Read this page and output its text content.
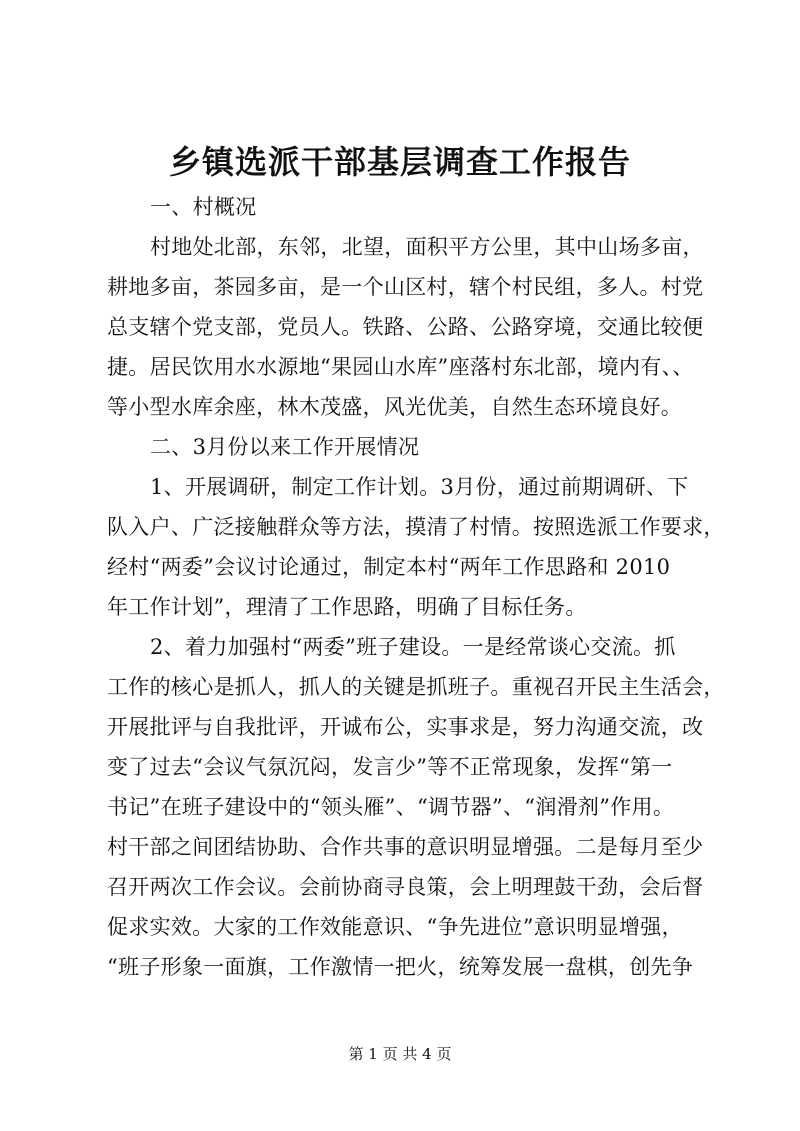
乡镇选派干部基层调查工作报告
一、村概况
村地处北部，东邻，北望，面积平方公里，其中山场多亩，
耕地多亩，茶园多亩，是一个山区村，辖个村民组，多人。村党
总支辖个党支部，党员人。铁路、公路、公路穿境，交通比较便
捷。居民饮用水水源地“果园山水库”座落村东北部，境内有、、
等小型水库余座，林木茂盛，风光优美，自然生态环境良好。
二、3月份以来工作开展情况
1、开展调研，制定工作计划。3月份，通过前期调研、下
队入户、广泛接触群众等方法，摸清了村情。按照选派工作要求，
经村“两委”会议讨论通过，制定本村“两年工作思路和 2010
年工作计划”，理清了工作思路，明确了目标任务。
2、着力加强村“两委”班子建设。一是经常谈心交流。抓
工作的核心是抓人，抓人的关键是抓班子。重视召开民主生活会，
开展批评与自我批评，开诚布公，实事求是，努力沟通交流，改
变了过去“会议气氛沉闷，发言少”等不正常现象，发挥“第一
书记”在班子建设中的“领头雁”、“调节器”、“润滑剂”作用。
村干部之间团结协助、合作共事的意识明显增强。二是每月至少
召开两次工作会议。会前协商寻良策，会上明理鼓干劲，会后督
促求实效。大家的工作效能意识、“争先进位”意识明显增强，
“班子形象一面旗，工作激情一把火，统筹发展一盘棋，创先争
第 1 页 共 4 页
